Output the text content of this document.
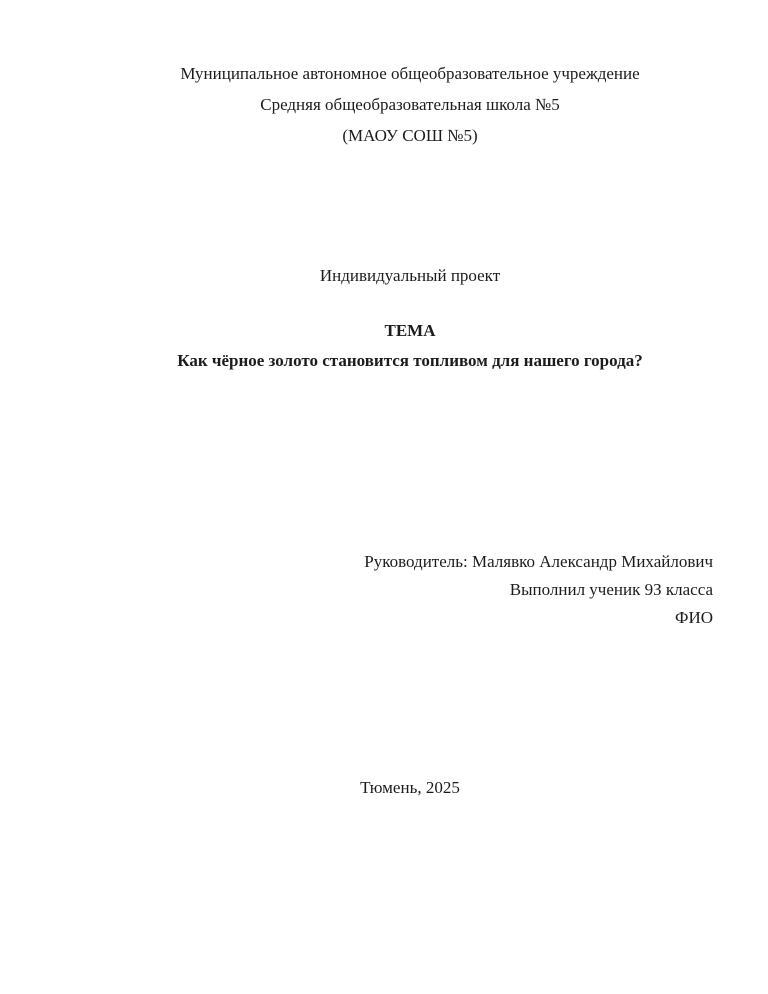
Муниципальное автономное общеобразовательное учреждение

Средняя общеобразовательная школа №5

(МАОУ СОШ №5)

Индивидуальный проект

ТЕМА

Как чёрное золото становится топливом для нашего города?

Руководитель: Малявко Александр Михайлович

Выполнил ученик 9З класса

ФИО

Тюмень, 2025
